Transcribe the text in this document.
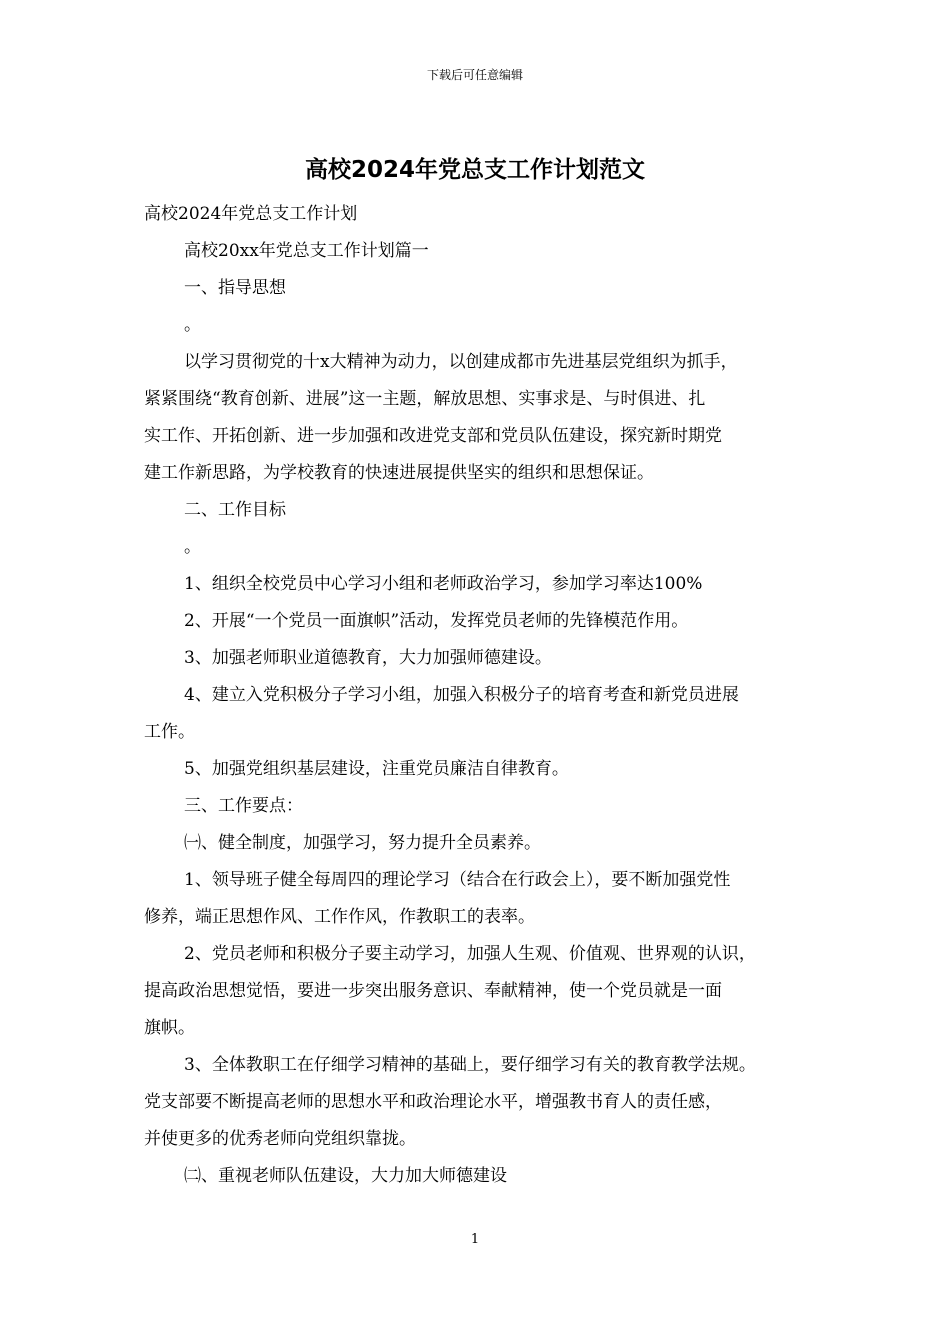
下载后可任意编辑
高校2024年党总支工作计划范文

高校2024年党总支工作计划

高校20xx年党总支工作计划篇一

一、指导思想

。

以学习贯彻党的十x大精神为动力，以创建成都市先进基层党组织为抓手，

紧紧围绕“教育创新、进展”这一主题，解放思想、实事求是、与时俱进、扎

实工作、开拓创新、进一步加强和改进党支部和党员队伍建设，探究新时期党

建工作新思路，为学校教育的快速进展提供坚实的组织和思想保证。

二、工作目标

。

1、组织全校党员中心学习小组和老师政治学习，参加学习率达100%

2、开展“一个党员一面旗帜”活动，发挥党员老师的先锋模范作用。

3、加强老师职业道德教育，大力加强师德建设。

4、建立入党积极分子学习小组，加强入积极分子的培育考查和新党员进展

工作。

5、加强党组织基层建设，注重党员廉洁自律教育。

三、工作要点：

㈠、健全制度，加强学习，努力提升全员素养。

1、领导班子健全每周四的理论学习（结合在行政会上），要不断加强党性

修养，端正思想作风、工作作风，作教职工的表率。

2、党员老师和积极分子要主动学习，加强人生观、价值观、世界观的认识，

提高政治思想觉悟，要进一步突出服务意识、奉献精神，使一个党员就是一面

旗帜。

3、全体教职工在仔细学习精神的基础上，要仔细学习有关的教育教学法规。

党支部要不断提高老师的思想水平和政治理论水平，增强教书育人的责任感，

并使更多的优秀老师向党组织靠拢。

㈡、重视老师队伍建设，大力加大师德建设

1
